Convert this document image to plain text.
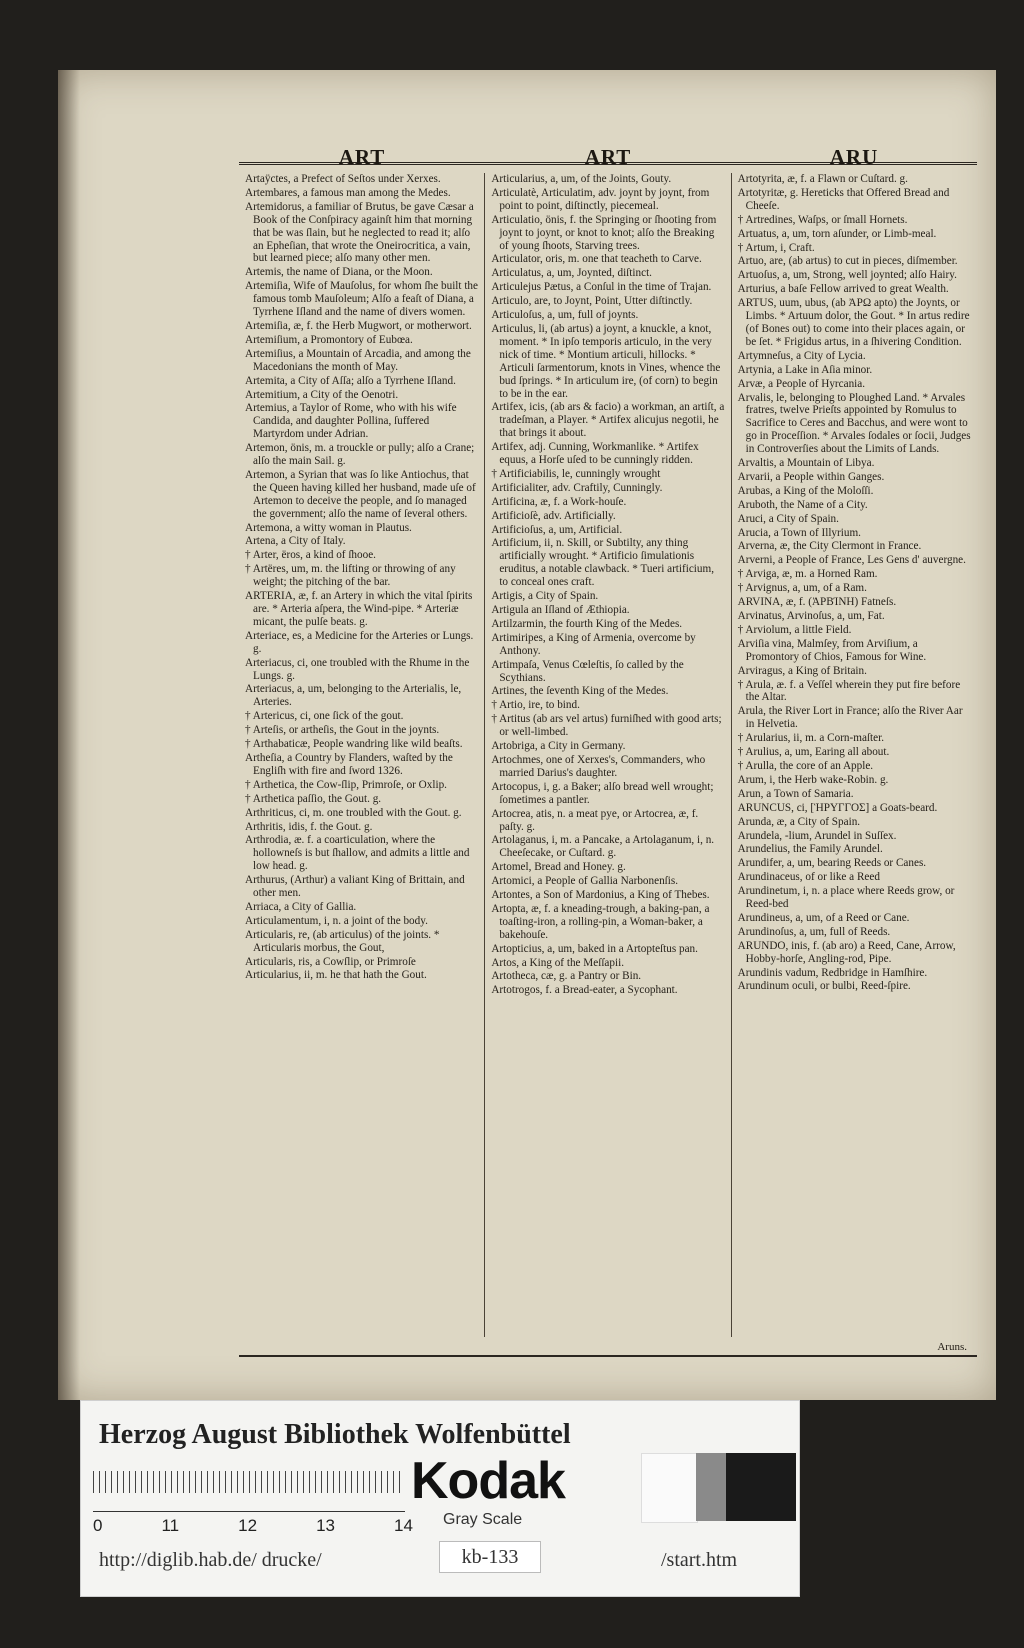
ART	ART	ARU
Artaÿctes, a Prefect of Seſtos under Xerxes.
Artembares, a famous man among the Medes.
Artemidorus, a familiar of Brutus, be gave Cæsar a Book of the Conſpiracy againſt him that morning that be was ſlain, but he neglected to read it; alſo an Epheſian, that wrote the Oneirocritica, a vain, but learned piece; alſo many other men.
Artemis, the name of Diana, or the Moon.
Artemiſia, Wife of Mauſolus, for whom ſhe built the famous tomb Mauſoleum; Alſo a feaſt of Diana, a Tyrrhene Iſland and the name of divers women.
Artemiſia, æ, f. the Herb Mugwort, or motherwort.
Artemiſium, a Promontory of Eubœa.
Artemiſius, a Mountain of Arcadia, and among the Macedonians the month of May.
Artemita, a City of Aſſa; alſo a Tyrrhene Iſland.
Artemitium, a City of the Oenotri.
Artemius, a Taylor of Rome, who with his wife Candida, and daughter Pollina, ſuffered Martyrdom under Adrian.
Artemon, önis, m. a trouckle or pully; alſo a Crane; alſo the main Sail. g.
Artemon, a Syrian that was ſo like Antiochus, that the Queen having killed her husband, made uſe of Artemon to deceive the people, and ſo managed the government; alſo the name of ſeveral others.
Artemona, a witty woman in Plautus.
Artena, a City of Italy.
† Arter, ëros, a kind of ſhooe.
† Artëres, um, m. the lifting or throwing of any weight; the pitching of the bar.
ARTERIA, æ, f. an Artery in which the vital ſpirits are. * Arteria aſpera, the Wind-pipe. * Arteriæ micant, the pulſe beats. g.
Arteriace, es, a Medicine for the Arteries or Lungs. g.
Arteriacus, ci, one troubled with the Rhume in the Lungs. g.
Arteriacus, a, um, belonging to the Arterialis, le, Arteries.
† Artericus, ci, one ſick of the gout.
† Arteſis, or artheſis, the Gout in the joynts.
† Arthabaticæ, People wandring like wild beaſts.
Artheſia, a Country by Flanders, waſted by the Engliſh with fire and ſword 1326.
† Arthetica, the Cow-ſlip, Primroſe, or Oxlip.
† Arthetica paſſio, the Gout. g.
Arthriticus, ci, m. one troubled with the Gout. g.
Arthritis, idis, f. the Gout. g.
Arthrodia, æ. f. a coarticulation, where the hollowneſs is but ſhallow, and admits a little and low head. g.
Arthurus, (Arthur) a valiant King of Brittain, and other men.
Arriaca, a City of Gallia.
Articulamentum, i, n. a joint of the body.
Articularis, re, (ab articulus) of the joints. * Articularis morbus, the Gout,
Articularis, ris, a Cowſlip, or Primroſe
Articularius, ii, m. he that hath the Gout.
Articularius, a, um, of the Joints, Gouty.
Articulatè, Articulatim, adv. joynt by joynt, from point to point, diſtinctly, piecemeal.
Articulatio, önis, f. the Springing or ſhooting from joynt to joynt, or knot to knot; alſo the Breaking of young ſhoots, Starving trees.
Articulator, oris, m. one that teacheth to Carve.
Articulatus, a, um, Joynted, diſtinct.
Articulejus Pætus, a Conſul in the time of Trajan.
Articulo, are, to Joynt, Point, Utter diſtinctly.
Articuloſus, a, um, full of joynts.
Articulus, li, (ab artus) a joynt, a knuckle, a knot, moment. * In ipſo temporis articulo, in the very nick of time. * Montium articuli, hillocks. * Articuli ſarmentorum, knots in Vines, whence the bud ſprings. * In articulum ire, (of corn) to begin to be in the ear.
Artifex, icis, (ab ars & facio) a workman, an artiſt, a tradeſman, a Player. * Artifex alicujus negotii, he that brings it about.
Artifex, adj. Cunning, Workmanlike. * Artifex equus, a Horſe uſed to be cunningly ridden.
† Artificiabilis, le, cunningly wrought
Artificialiter, adv. Craftily, Cunningly.
Artificina, æ, f. a Work-houſe.
Artificioſè, adv. Artificially.
Artificioſus, a, um, Artificial.
Artificium, ii, n. Skill, or Subtilty, any thing artificially wrought. * Artificio ſimulationis eruditus, a notable clawback. * Tueri artificium, to conceal ones craft.
Artigis, a City of Spain.
Artigula an Iſland of Æthiopia.
Artilzarmin, the fourth King of the Medes.
Artimiripes, a King of Armenia, overcome by Anthony.
Artimpaſa, Venus Cœleſtis, ſo called by the Scythians.
Artines, the ſeventh King of the Medes.
† Artio, ire, to bind.
† Artitus (ab ars vel artus) furniſhed with good arts; or well-limbed.
Artobriga, a City in Germany.
Artochmes, one of Xerxes's, Commanders, who married Darius's daughter.
Artocopus, i, g. a Baker; alſo bread well wrought; ſometimes a pantler.
Artocrea, atis, n. a meat pye, or Artocrea, æ, f. paſty. g.
Artolaganus, i, m. a Pancake, a Artolaganum, i, n. Cheeſecake, or Cuſtard. g.
Artomel, Bread and Honey. g.
Artomici, a People of Gallia Narbonenſis.
Artontes, a Son of Mardonius, a King of Thebes.
Artopta, æ, f. a kneading-trough, a baking-pan, a toaſting-iron, a rolling-pin, a Woman-baker, a bakehouſe.
Artopticius, a, um, baked in a Artopteſtus pan.
Artos, a King of the Meſſapii.
Artotheca, cæ, g. a Pantry or Bin.
Artotrogos, f. a Bread-eater, a Sycophant.
Artotyrita, æ, f. a Flawn or Cuſtard. g.
Artotyritæ, g. Hereticks that Offered Bread and Cheeſe.
† Artredines, Waſps, or ſmall Hornets.
Artuatus, a, um, torn aſunder, or Limb-meal.
† Artum, i, Craft.
Artuo, are, (ab artus) to cut in pieces, diſmember.
Artuoſus, a, um, Strong, well joynted; alſo Hairy.
Arturius, a baſe Fellow arrived to great Wealth.
ARTUS, uum, ubus, (ab ἈΡΩ apto) the Joynts, or Limbs. * Artuum dolor, the Gout. * In artus redire (of Bones out) to come into their places again, or be ſet. * Frigidus artus, in a ſhivering Condition.
Artymneſus, a City of Lycia.
Artynia, a Lake in Aſia minor.
Arvæ, a People of Hyrcania.
Arvalis, le, belonging to Ploughed Land. * Arvales fratres, twelve Prieſts appointed by Romulus to Sacrifice to Ceres and Bacchus, and were wont to go in Proceſſion. * Arvales ſodales or ſocii, Judges in Controverſies about the Limits of Lands.
Arvaltis, a Mountain of Libya.
Arvarii, a People within Ganges.
Arubas, a King of the Moloſſi.
Aruboth, the Name of a City.
Aruci, a City of Spain.
Arucia, a Town of Illyrium.
Arverna, æ, the City Clermont in France.
Arverni, a People of France, Les Gens d' auvergne.
† Arviga, æ, m. a Horned Ram.
† Arvignus, a, um, of a Ram.
ARVINA, æ, f. (ἈΡΒΊΝΗ) Fatneſs.
Arvinatus, Arvinoſus, a, um, Fat.
† Arviolum, a little Field.
Arviſia vina, Malmſey, from Arviſium, a Promontory of Chios, Famous for Wine.
Arviragus, a King of Britain.
† Arula, æ. f. a Veſſel wherein they put fire before the Altar.
Arula, the River Lort in France; alſo the River Aar in Helvetia.
† Arularius, ii, m. a Corn-maſter.
† Arulius, a, um, Earing all about.
† Arulla, the core of an Apple.
Arum, i, the Herb wake-Robin. g.
Arun, a Town of Samaria.
ARUNCUS, ci, [ἩΡΥΓΓΟΣ] a Goats-beard.
Arunda, æ, a City of Spain.
Arundela, -lium, Arundel in Suſſex.
Arundelius, the Family Arundel.
Arundifer, a, um, bearing Reeds or Canes.
Arundinaceus, of or like a Reed
Arundinetum, i, n. a place where Reeds grow, or Reed-bed
Arundineus, a, um, of a Reed or Cane.
Arundinoſus, a, um, full of Reeds.
ARUNDO, inis, f. (ab aro) a Reed, Cane, Arrow, Hobby-horſe, Angling-rod, Pipe.
Arundinis vadum, Redbridge in Hamſhire.
Arundinum oculi, or bulbi, Reed-ſpire.
Aruns.
Herzog August Bibliothek Wolfenbüttel
0	11	12	13	14
Kodak
Gray Scale
kb-133
http://diglib.hab.de/ drucke/	/start.htm
